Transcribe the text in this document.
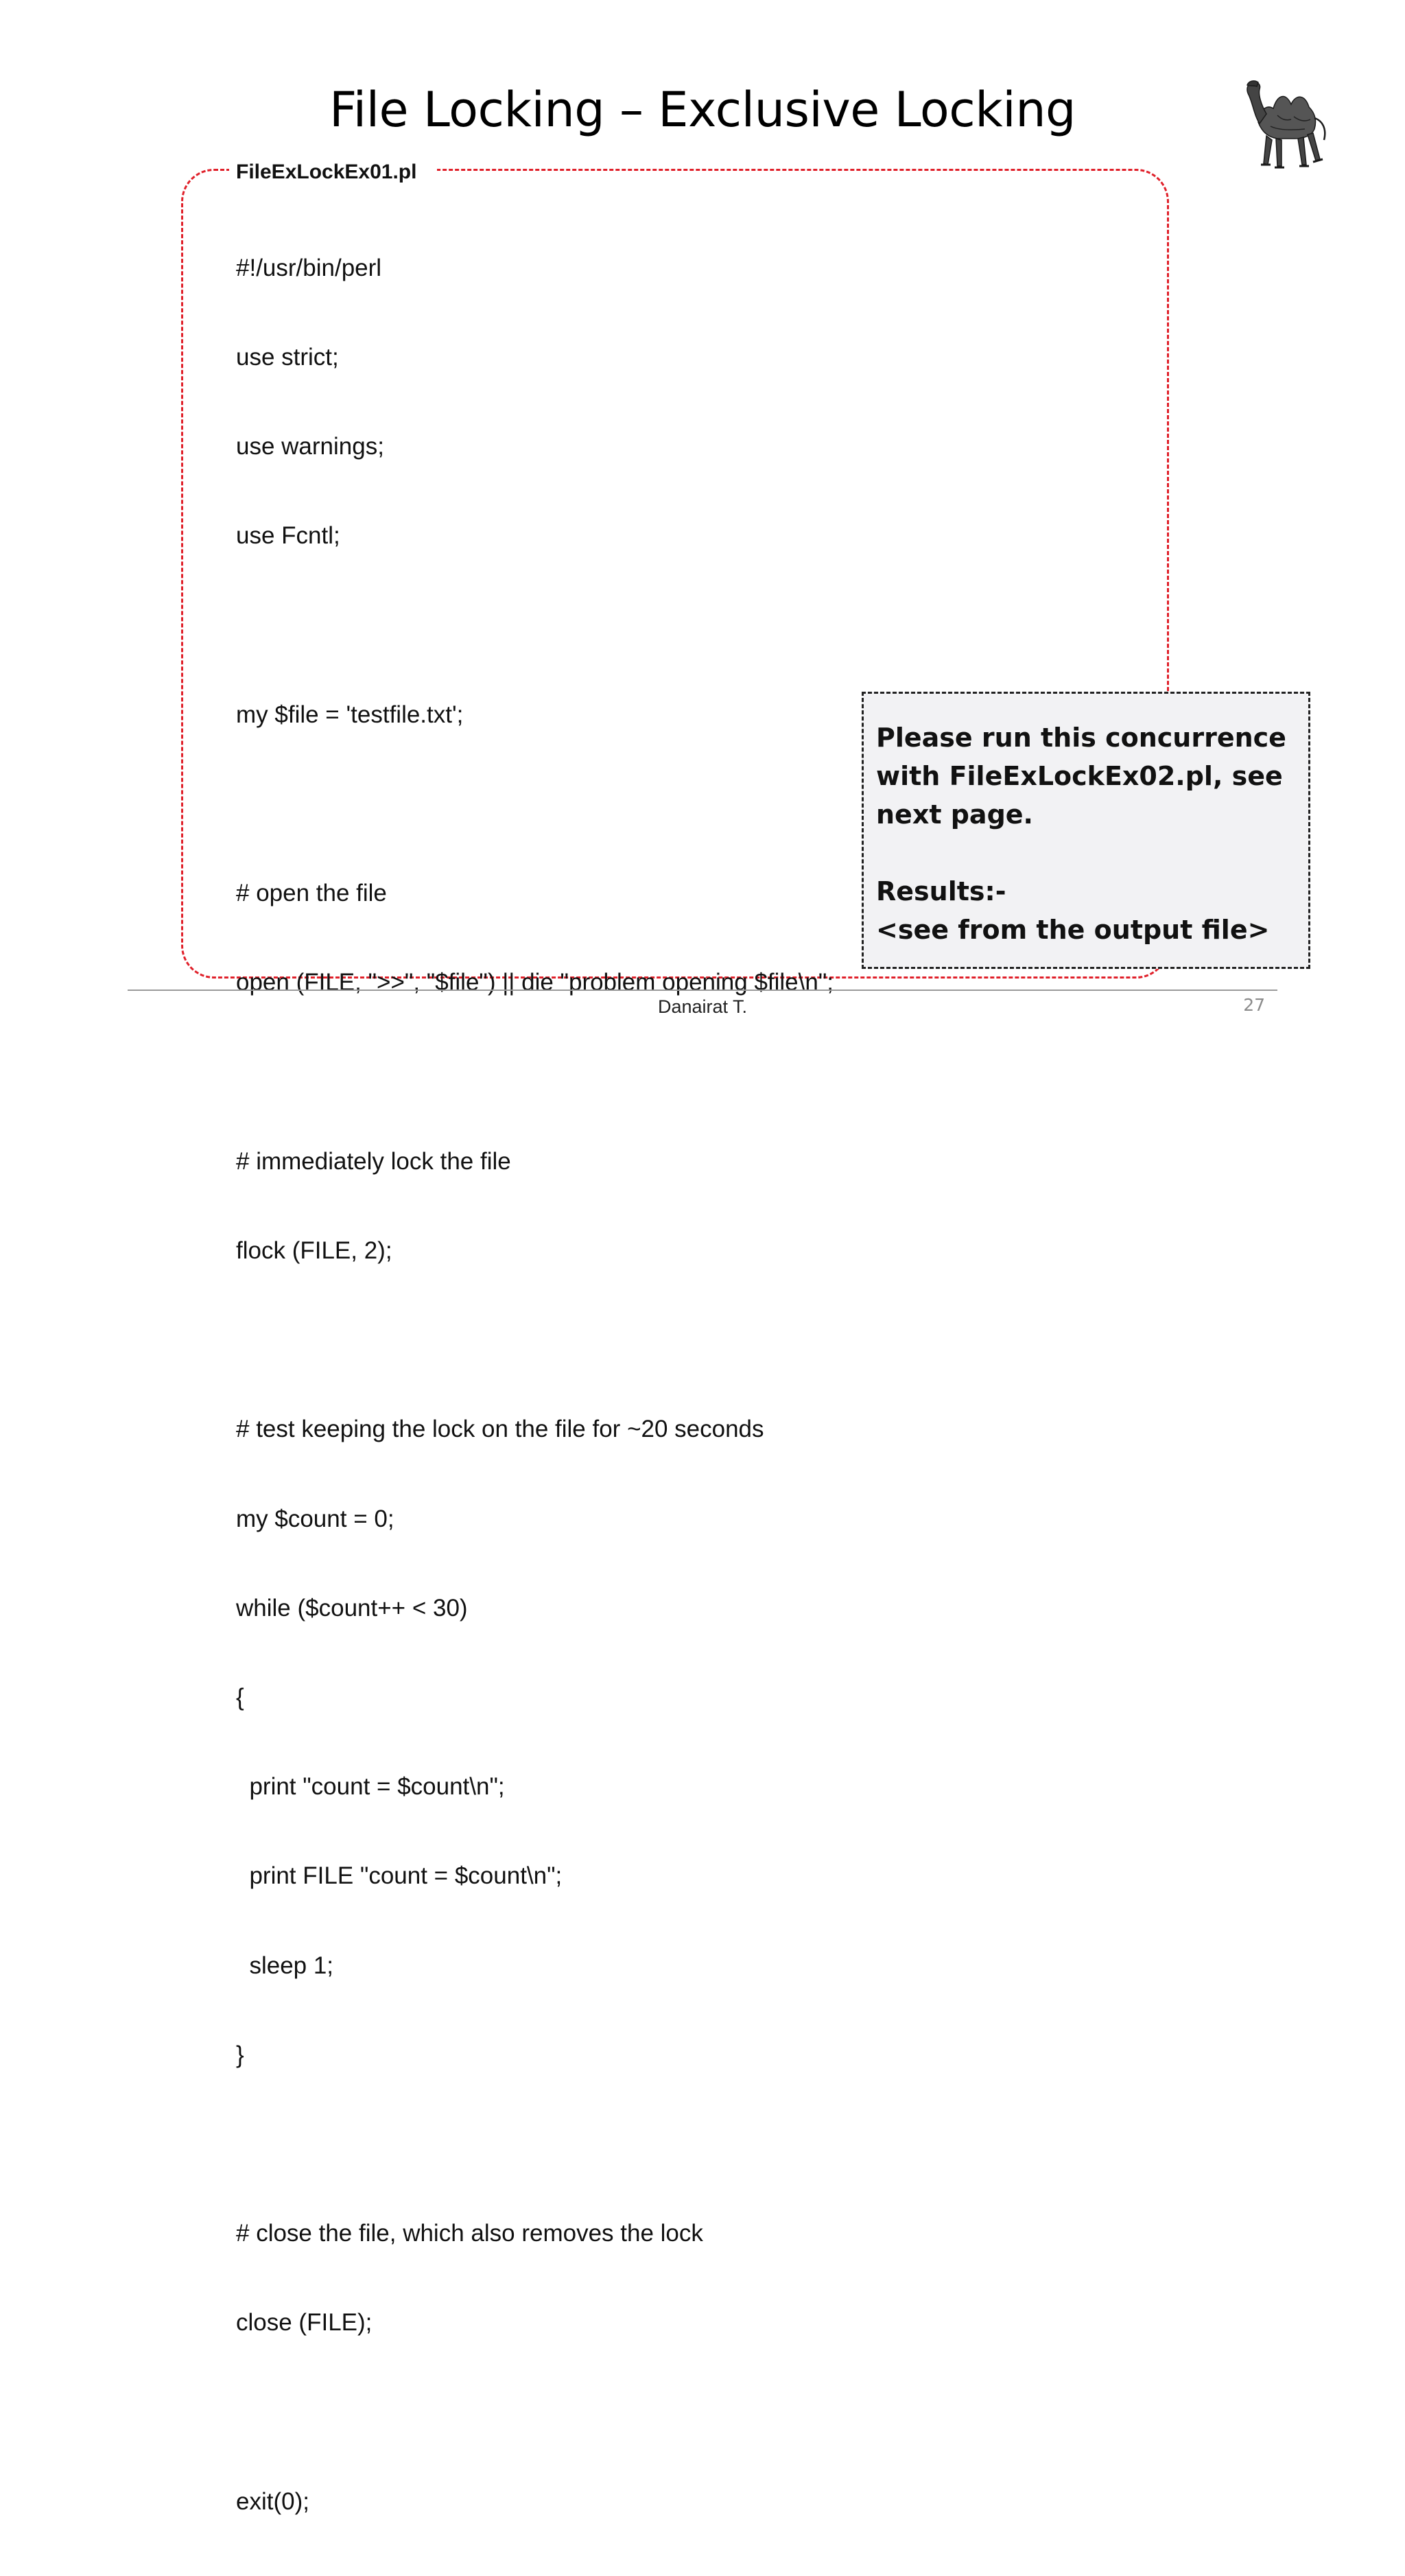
File Locking – Exclusive Locking
FileExLockEx01.pl

#!/usr/bin/perl

use strict;

use warnings;

use Fcntl;

my $file = 'testfile.txt';

# open the file

open (FILE, ">>", "$file") || die "problem opening $file\n";

# immediately lock the file

flock (FILE, 2);

# test keeping the lock on the file for ~20 seconds

my $count = 0;

while ($count++ < 30)

{

print "count = $count\n";

print FILE "count = $count\n";

sleep 1;

}

# close the file, which also removes the lock

close (FILE);

exit(0);

Please run this concurrence
with FileExLockEx02.pl, see
next page.

Results:-
<see from the output file>
Danairat T.	27
